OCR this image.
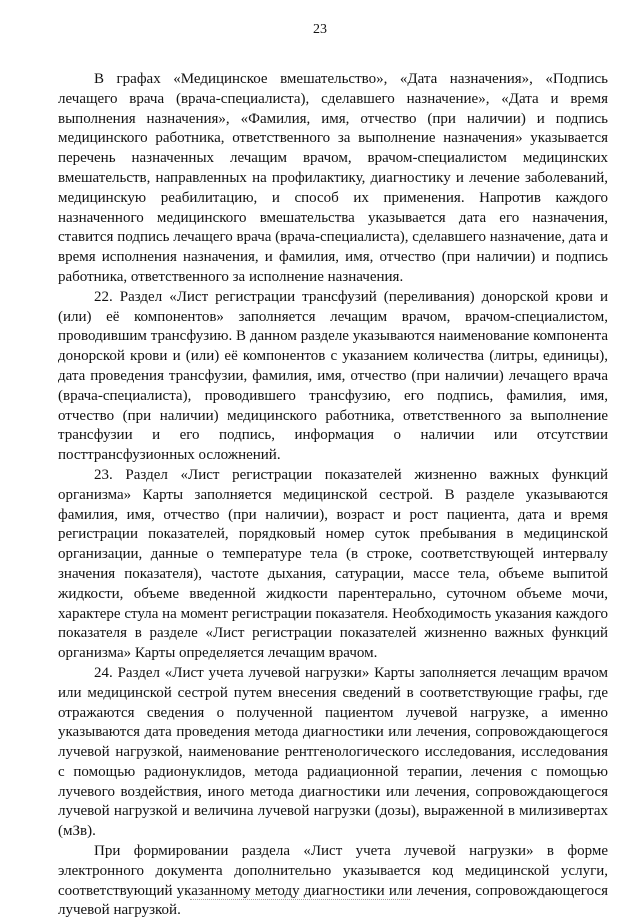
23

В графах «Медицинское вмешательство», «Дата назначения», «Подпись лечащего врача (врача-специалиста), сделавшего назначение», «Дата и время выполнения назначения», «Фамилия, имя, отчество (при наличии) и подпись медицинского работника, ответственного за выполнение назначения» указывается перечень назначенных лечащим врачом, врачом-специалистом медицинских вмешательств, направленных на профилактику, диагностику и лечение заболеваний, медицинскую реабилитацию, и способ их применения. Напротив каждого назначенного медицинского вмешательства указывается дата его назначения, ставится подпись лечащего врача (врача-специалиста), сделавшего назначение, дата и время исполнения назначения, и фамилия, имя, отчество (при наличии) и подпись работника, ответственного за исполнение назначения.

22. Раздел «Лист регистрации трансфузий (переливания) донорской крови и (или) её компонентов» заполняется лечащим врачом, врачом-специалистом, проводившим трансфузию. В данном разделе указываются наименование компонента донорской крови и (или) её компонентов с указанием количества (литры, единицы), дата проведения трансфузии, фамилия, имя, отчество (при наличии) лечащего врача (врача-специалиста), проводившего трансфузию, его подпись, фамилия, имя, отчество (при наличии) медицинского работника, ответственного за выполнение трансфузии и его подпись, информация о наличии или отсутствии посттрансфузионных осложнений.

23. Раздел «Лист регистрации показателей жизненно важных функций организма» Карты заполняется медицинской сестрой. В разделе указываются фамилия, имя, отчество (при наличии), возраст и рост пациента, дата и время регистрации показателей, порядковый номер суток пребывания в медицинской организации, данные о температуре тела (в строке, соответствующей интервалу значения показателя), частоте дыхания, сатурации, массе тела, объеме выпитой жидкости, объеме введенной жидкости парентерально, суточном объеме мочи, характере стула на момент регистрации показателя. Необходимость указания каждого показателя в разделе «Лист регистрации показателей жизненно важных функций организма» Карты определяется лечащим врачом.

24. Раздел «Лист учета лучевой нагрузки» Карты заполняется лечащим врачом или медицинской сестрой путем внесения сведений в соответствующие графы, где отражаются сведения о полученной пациентом лучевой нагрузке, а именно указываются дата проведения метода диагностики или лечения, сопровождающегося лучевой нагрузкой, наименование рентгенологического исследования, исследования с помощью радионуклидов, метода радиационной терапии, лечения с помощью лучевого воздействия, иного метода диагностики или лечения, сопровождающегося лучевой нагрузкой и величина лучевой нагрузки (дозы), выраженной в милизивертах (мЗв).

При формировании раздела «Лист учета лучевой нагрузки» в форме электронного документа дополнительно указывается код медицинской услуги, соответствующий указанному методу диагностики или лечения, сопровождающегося лучевой нагрузкой.
